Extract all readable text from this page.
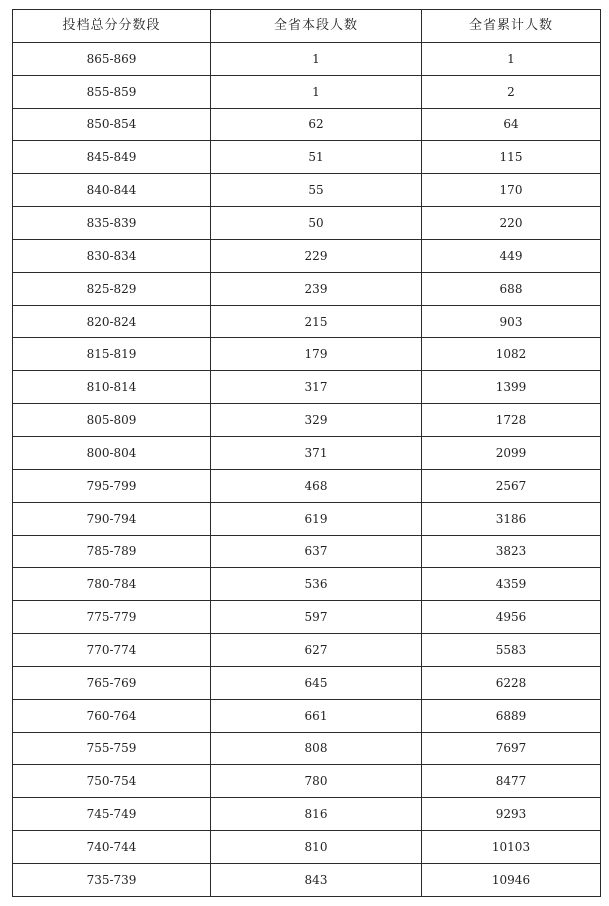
投档总分分数段	全省本段人数	全省累计人数
865-869	1	1
855-859	1	2
850-854	62	64
845-849	51	115
840-844	55	170
835-839	50	220
830-834	229	449
825-829	239	688
820-824	215	903
815-819	179	1082
810-814	317	1399
805-809	329	1728
800-804	371	2099
795-799	468	2567
790-794	619	3186
785-789	637	3823
780-784	536	4359
775-779	597	4956
770-774	627	5583
765-769	645	6228
760-764	661	6889
755-759	808	7697
750-754	780	8477
745-749	816	9293
740-744	810	10103
735-739	843	10946
